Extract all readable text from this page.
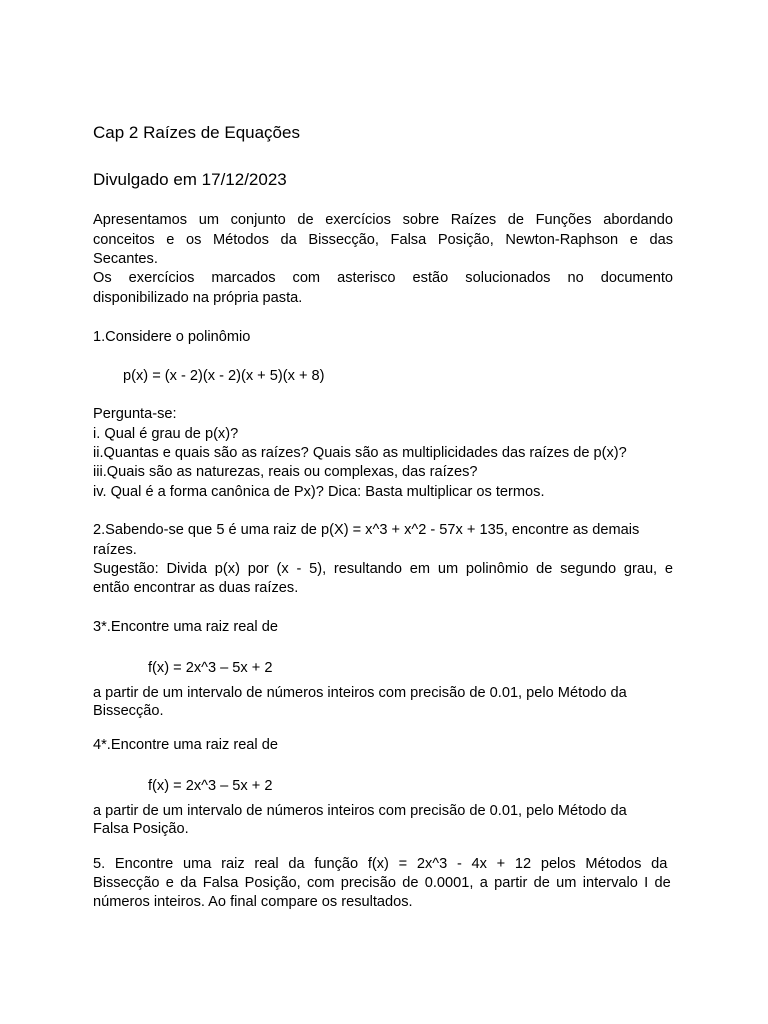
Cap 2 Raízes de Equações
Divulgado em 17/12/2023
Apresentamos um conjunto de exercícios sobre Raízes de Funções abordando
conceitos e os Métodos da Bissecção, Falsa Posição, Newton-Raphson e das
Secantes.
Os exercícios marcados com asterisco estão solucionados no documento
disponibilizado na própria pasta.
1.Considere o polinômio
p(x) = (x - 2)(x - 2)(x + 5)(x + 8)
Pergunta-se:
i. Qual é grau de p(x)?
ii.Quantas e quais são as raízes? Quais são as multiplicidades das raízes de p(x)?
iii.Quais são as naturezas, reais ou complexas, das raízes?
iv. Qual é a forma canônica de Px)? Dica: Basta multiplicar os termos.
2.Sabendo-se que 5 é uma raiz de p(X) = x^3 + x^2 - 57x + 135, encontre as demais
raízes.
Sugestão: Divida p(x) por (x - 5), resultando em um polinômio de segundo grau, e
então encontrar as duas raízes.
3*.Encontre uma raiz real de
f(x) = 2x^3 – 5x + 2
a partir de um intervalo de números inteiros com precisão de 0.01, pelo Método da
Bissecção.
4*.Encontre uma raiz real de
f(x) = 2x^3 – 5x + 2
a partir de um intervalo de números inteiros com precisão de 0.01, pelo Método da
Falsa Posição.
5. Encontre uma raiz real da função f(x) = 2x^3 - 4x + 12 pelos Métodos da
Bissecção e da Falsa Posição, com precisão de 0.0001, a partir de um intervalo I de
números inteiros. Ao final compare os resultados.
